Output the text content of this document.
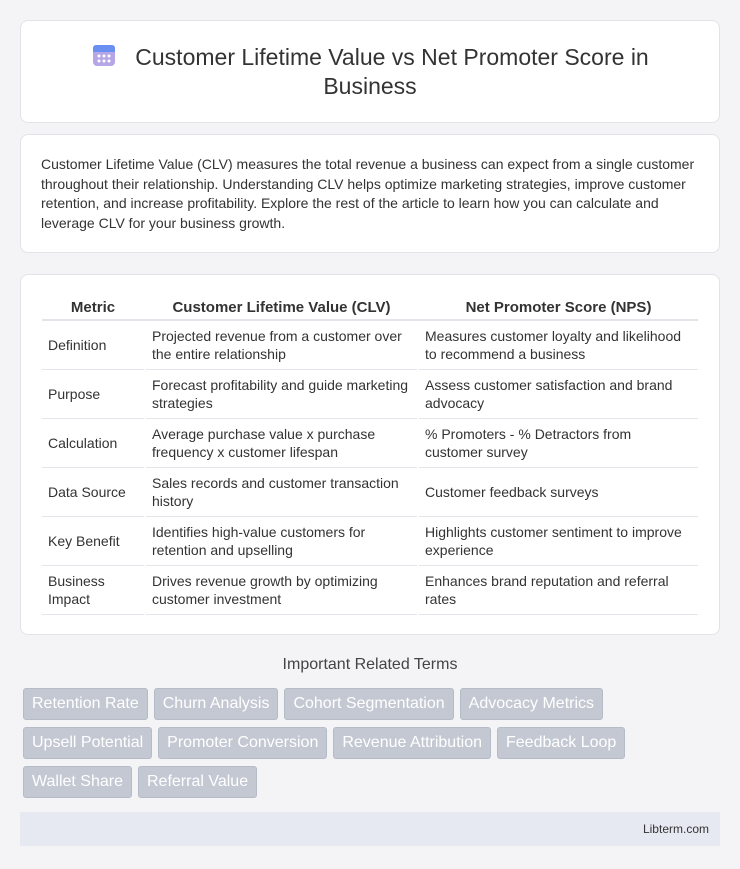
Customer Lifetime Value vs Net Promoter Score in Business

Customer Lifetime Value (CLV) measures the total revenue a business can expect from a single customer throughout their relationship. Understanding CLV helps optimize marketing strategies, improve customer retention, and increase profitability. Explore the rest of the article to learn how you can calculate and leverage CLV for your business growth.

Metric	Customer Lifetime Value (CLV)	Net Promoter Score (NPS)
Definition	Projected revenue from a customer over the entire relationship	Measures customer loyalty and likelihood to recommend a business
Purpose	Forecast profitability and guide marketing strategies	Assess customer satisfaction and brand advocacy
Calculation	Average purchase value x purchase frequency x customer lifespan	% Promoters - % Detractors from customer survey
Data Source	Sales records and customer transaction history	Customer feedback surveys
Key Benefit	Identifies high-value customers for retention and upselling	Highlights customer sentiment to improve experience
Business Impact	Drives revenue growth by optimizing customer investment	Enhances brand reputation and referral rates
Important Related Terms
Retention Rate	Churn Analysis	Cohort Segmentation	Advocacy Metrics
Upsell Potential	Promoter Conversion	Revenue Attribution	Feedback Loop
Wallet Share	Referral Value
Libterm.com
